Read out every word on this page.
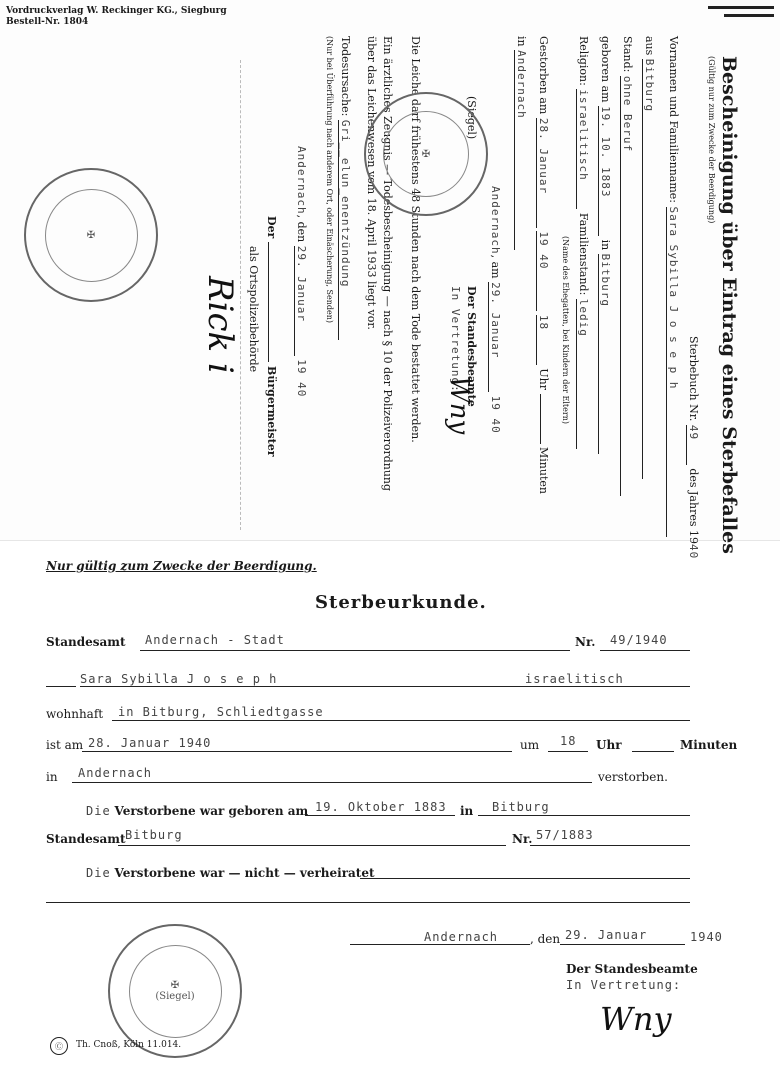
Vordruckverlag W. Reckinger KG., Siegburg
Bestell-Nr. 1804
Bescheinigung über Eintrag eines Sterbefalles
(Gültig nur zum Zwecke der Beerdigung)
Sterbebuch Nr. 49 des Jahres 1940
Vornamen und Familienname: Sara Sybilla J o s e p h
aus Bitburg
Stand: ohne Beruf
geboren am 19. 10. 1883 in Bitburg
Religion: israelitisch Familienstand: ledig
(Name des Ehegatten, bei Kindern der Eltern)
Gestorben am 28. Januar 19 40 18 Uhr  Minuten
in Andernach
Andernach, am 29. Januar 19 40
(Siegel)
Der Standesbeamte
In Vertretung:
Wny
Die Leiche darf frühestens 48 Stunden nach dem Tode bestattet werden.
Ein ärztliches Zeugnis — Todesbescheinigung — nach § 10 der Polizeiverordnung
über das Leichenwesen vom 18. April 1933 liegt vor.
Todesursache: Gri__elun_enentzündung
(Nur bei Überführung nach anderem Ort, oder Einäscherung, Senden)
Andernach, den 29. Januar 19 40
Der  Bürgermeister
als Ortspolizeibehörde
Rick i
✠
✠
Nur gültig zum Zwecke der Beerdigung.
Sterbeurkunde.
Standesamt Andernach - Stadt	Nr. 49/1940
Sara Sybilla J o s e p h	israelitisch
wohnhaft in Bitburg, Schliedtgasse
ist am 28. Januar 1940	um 18 Uhr	Minuten
in Andernach	verstorben.
Die Verstorbene war geboren am 19. Oktober 1883 in Bitburg
Standesamt Bitburg	Nr. 57/1883
Die Verstorbene war — nicht — verheiratet
Andernach	, den 29. Januar	1940
✠
(Siegel)
Der Standesbeamte
In Vertretung:
Wny
Ⓒ	Th. Cnoß, Köln 11.014.
